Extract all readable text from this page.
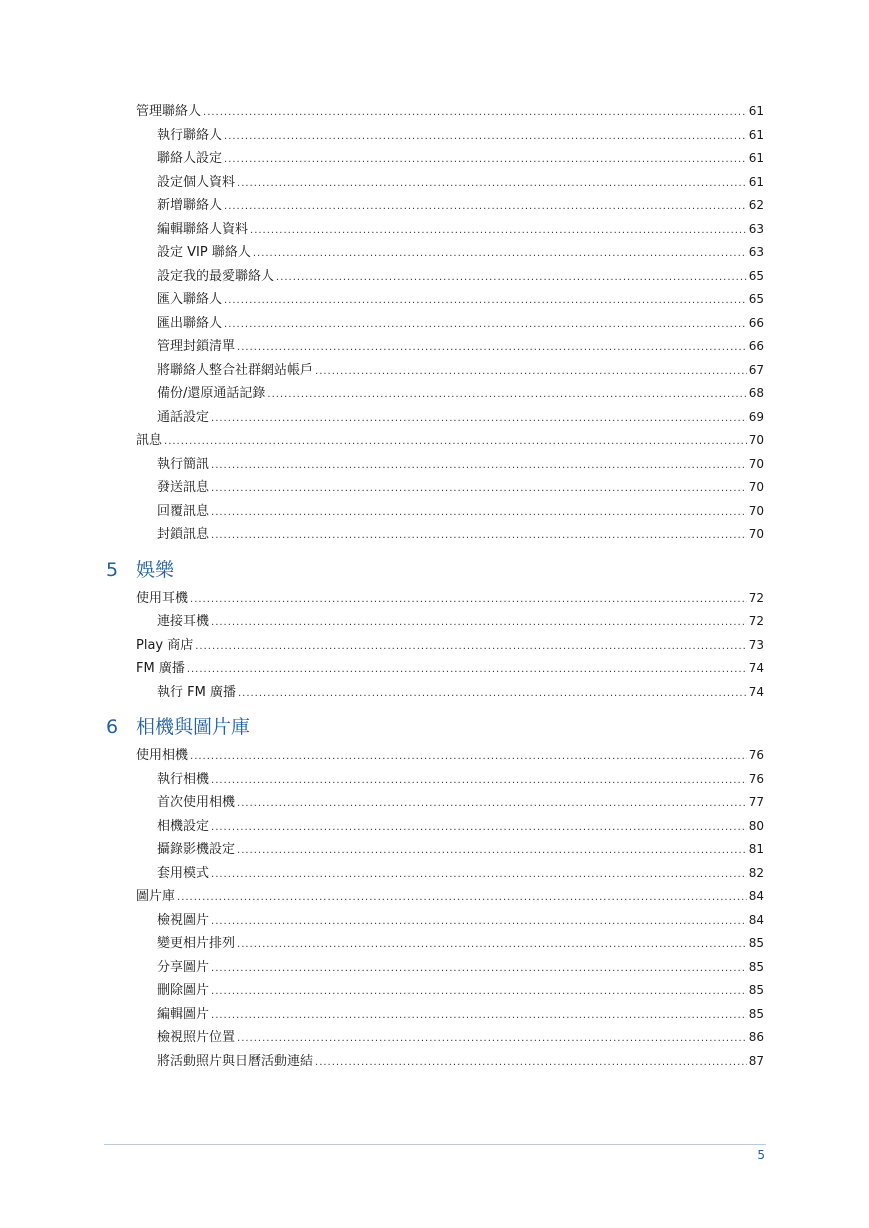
管理聯絡人 .....	61
執行聯絡人 .....	61
聯絡人設定 .....	61
設定個人資料 .....	61
新增聯絡人 .....	62
編輯聯絡人資料 .....	63
設定 VIP 聯絡人 .....	63
設定我的最愛聯絡人 .....	65
匯入聯絡人 .....	65
匯出聯絡人 .....	66
管理封鎖清單 .....	66
將聯絡人整合社群網站帳戶 .....	67
備份/還原通話記錄 .....	68
通話設定 .....	69
訊息 .....	70
執行簡訊 .....	70
發送訊息 .....	70
回覆訊息 .....	70
封鎖訊息 .....	70
5 娛樂
使用耳機 .....	72
連接耳機 .....	72
Play 商店 .....	73
FM 廣播 .....	74
執行 FM 廣播 .....	74
6 相機與圖片庫
使用相機 .....	76
執行相機 .....	76
首次使用相機 .....	77
相機設定 .....	80
攝錄影機設定 .....	81
套用模式 .....	82
圖片庫 .....	84
檢視圖片 .....	84
變更相片排列 .....	85
分享圖片 .....	85
刪除圖片 .....	85
編輯圖片 .....	85
檢視照片位置 .....	86
將活動照片與日曆活動連結 .....	87
5
